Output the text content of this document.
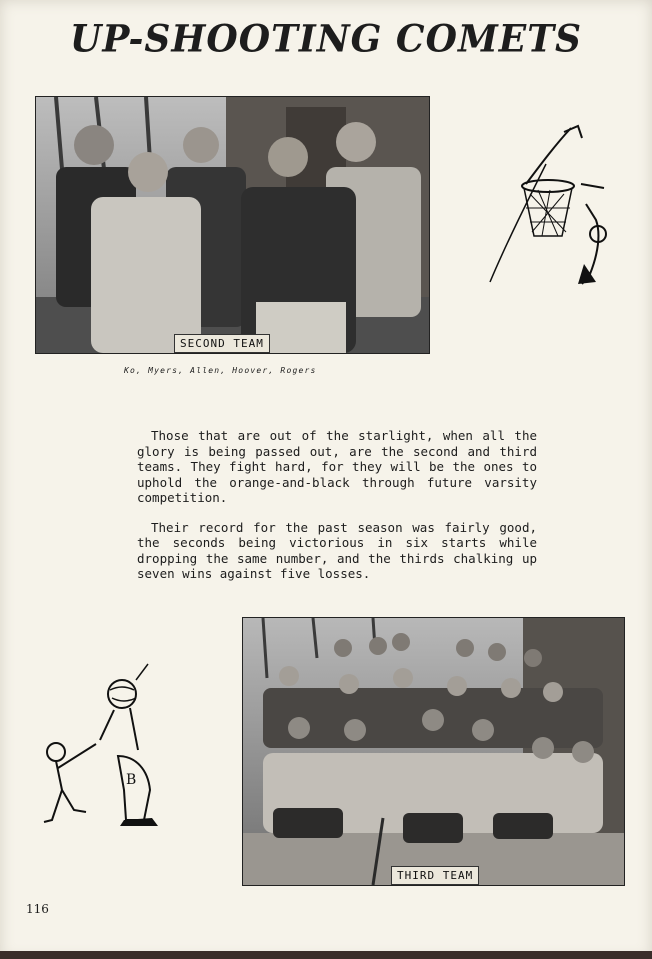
UP-SHOOTING COMETS
SECOND TEAM
Ko, Myers, Allen, Hoover, Rogers

Those that are out of the starlight, when all the glory is being passed out, are the second and third teams. They fight hard, for they will be the ones to uphold the orange-and-black through future varsity competition.

Their record for the past season was fairly good, the seconds being victorious in six starts while dropping the same number, and the thirds chalking up seven wins against five losses.

B
THIRD TEAM
116
